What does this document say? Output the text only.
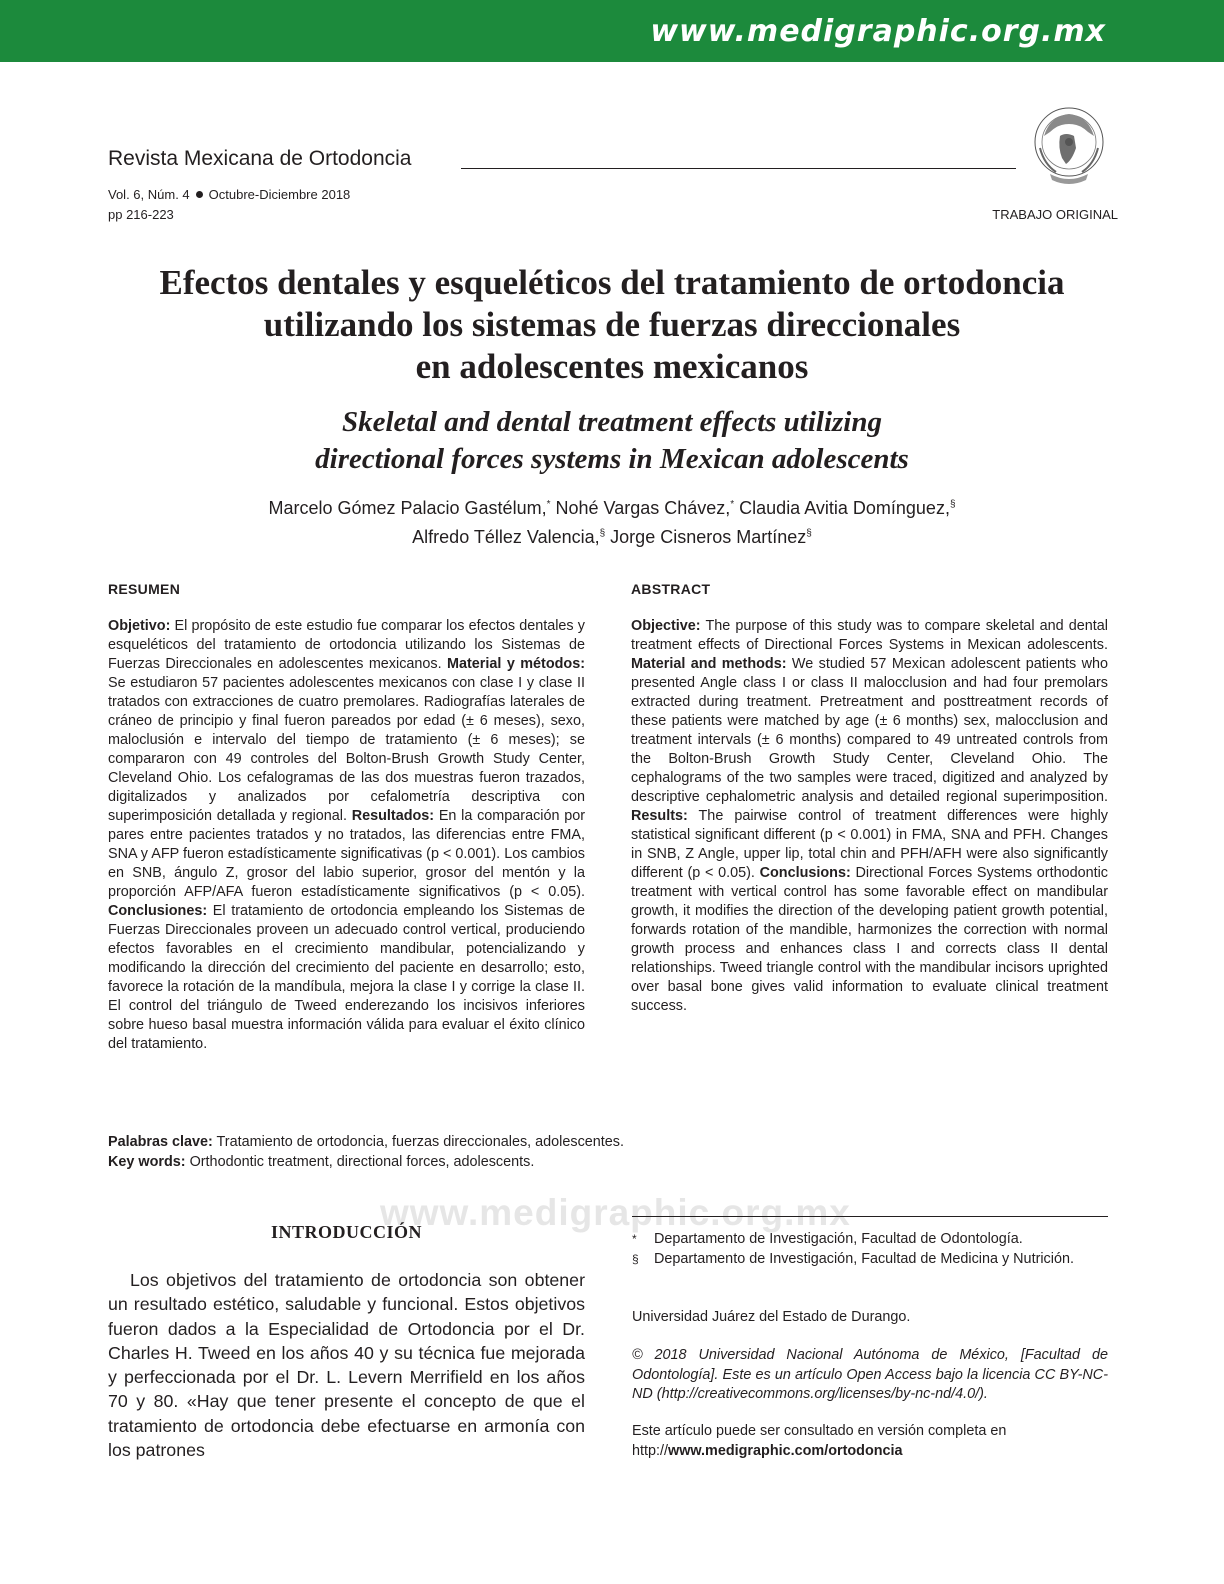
www.medigraphic.org.mx
Revista Mexicana de Ortodoncia
Vol. 6, Núm. 4 Octubre-Diciembre 2018
pp 216-223	TRABAJO ORIGINAL
Efectos dentales y esqueléticos del tratamiento de ortodoncia
utilizando los sistemas de fuerzas direccionales
en adolescentes mexicanos
Skeletal and dental treatment effects utilizing
directional forces systems in Mexican adolescents
Marcelo Gómez Palacio Gastélum,* Nohé Vargas Chávez,* Claudia Avitia Domínguez,§
Alfredo Téllez Valencia,§ Jorge Cisneros Martínez§
RESUMEN
Objetivo: El propósito de este estudio fue comparar los efectos dentales y esqueléticos del tratamiento de ortodoncia utilizando los Sistemas de Fuerzas Direccionales en adolescentes mexicanos. Material y métodos: Se estudiaron 57 pacientes adolescentes mexicanos con clase I y clase II tratados con extracciones de cuatro premolares. Radiografías laterales de cráneo de principio y final fueron pareados por edad (± 6 meses), sexo, maloclusión e intervalo del tiempo de tratamiento (± 6 meses); se compararon con 49 controles del Bolton-Brush Growth Study Center, Cleveland Ohio. Los cefalogramas de las dos muestras fueron trazados, digitalizados y analizados por cefalometría descriptiva con superimposición detallada y regional. Resultados: En la comparación por pares entre pacientes tratados y no tratados, las diferencias entre FMA, SNA y AFP fueron estadísticamente significativas (p < 0.001). Los cambios en SNB, ángulo Z, grosor del labio superior, grosor del mentón y la proporción AFP/AFA fueron estadísticamente significativos (p < 0.05). Conclusiones: El tratamiento de ortodoncia empleando los Sistemas de Fuerzas Direccionales proveen un adecuado control vertical, produciendo efectos favorables en el crecimiento mandibular, potencializando y modificando la dirección del crecimiento del paciente en desarrollo; esto, favorece la rotación de la mandíbula, mejora la clase I y corrige la clase II. El control del triángulo de Tweed enderezando los incisivos inferiores sobre hueso basal muestra información válida para evaluar el éxito clínico del tratamiento.
ABSTRACT
Objective: The purpose of this study was to compare skeletal and dental treatment effects of Directional Forces Systems in Mexican adolescents. Material and methods: We studied 57 Mexican adolescent patients who presented Angle class I or class II malocclusion and had four premolars extracted during treatment. Pretreatment and posttreatment records of these patients were matched by age (± 6 months) sex, malocclusion and treatment intervals (± 6 months) compared to 49 untreated controls from the Bolton-Brush Growth Study Center, Cleveland Ohio. The cephalograms of the two samples were traced, digitized and analyzed by descriptive cephalometric analysis and detailed regional superimposition. Results: The pairwise control of treatment differences were highly statistical significant different (p < 0.001) in FMA, SNA and PFH. Changes in SNB, Z Angle, upper lip, total chin and PFH/AFH were also significantly different (p < 0.05). Conclusions: Directional Forces Systems orthodontic treatment with vertical control has some favorable effect on mandibular growth, it modifies the direction of the developing patient growth potential, forwards rotation of the mandible, harmonizes the correction with normal growth process and enhances class I and corrects class II dental relationships. Tweed triangle control with the mandibular incisors uprighted over basal bone gives valid information to evaluate clinical treatment success.
Palabras clave: Tratamiento de ortodoncia, fuerzas direccionales, adolescentes.
Key words: Orthodontic treatment, directional forces, adolescents.
www.medigraphic.org.mx
INTRODUCCIÓN
Los objetivos del tratamiento de ortodoncia son obtener un resultado estético, saludable y funcional. Estos objetivos fueron dados a la Especialidad de Ortodoncia por el Dr. Charles H. Tweed en los años 40 y su técnica fue mejorada y perfeccionada por el Dr. L. Levern Merrifield en los años 70 y 80. «Hay que tener presente el concepto de que el tratamiento de ortodoncia debe efectuarse en armonía con los patrones
*	Departamento de Investigación, Facultad de Odontología.
§	Departamento de Investigación, Facultad de Medicina y Nutrición.
Universidad Juárez del Estado de Durango.
© 2018 Universidad Nacional Autónoma de México, [Facultad de Odontología]. Este es un artículo Open Access bajo la licencia CC BY-NC-ND (http://creativecommons.org/licenses/by-nc-nd/4.0/).
Este artículo puede ser consultado en versión completa en
http://www.medigraphic.com/ortodoncia
